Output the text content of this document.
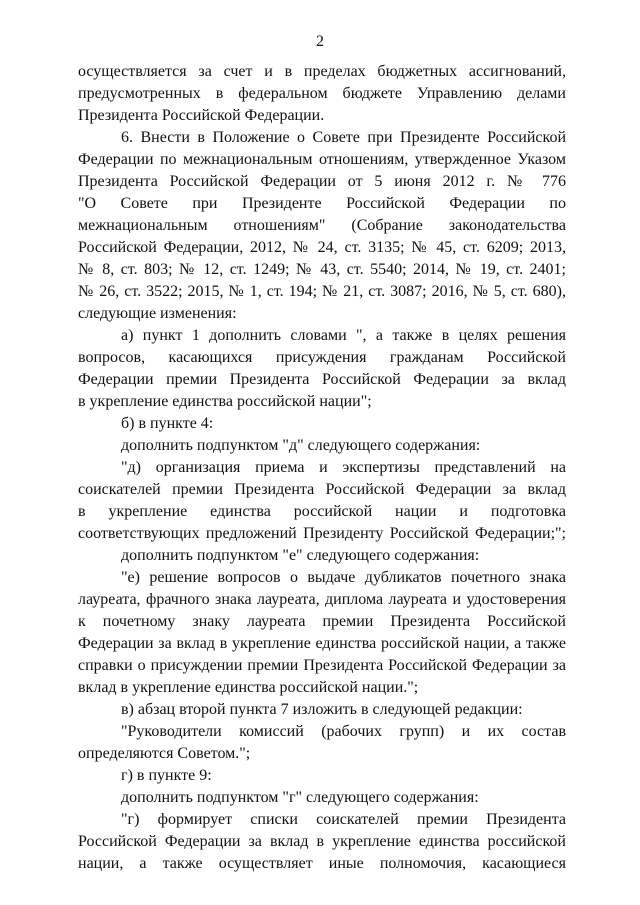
2
осуществляется за счет и в пределах бюджетных ассигнований,
предусмотренных в федеральном бюджете Управлению делами
Президента Российской Федерации.
6. Внести в Положение о Совете при Президенте Российской
Федерации по межнациональным отношениям, утвержденное Указом
Президента Российской Федерации от 5 июня 2012 г. № 776
"О Совете при Президенте Российской Федерации по
межнациональным отношениям" (Собрание законодательства
Российской Федерации, 2012, № 24, ст. 3135; № 45, ст. 6209; 2013,
№ 8, ст. 803; № 12, ст. 1249; № 43, ст. 5540; 2014, № 19, ст. 2401;
№ 26, ст. 3522; 2015, № 1, ст. 194; № 21, ст. 3087; 2016, № 5, ст. 680),
следующие изменения:
а) пункт 1 дополнить словами ", а также в целях решения
вопросов, касающихся присуждения гражданам Российской
Федерации премии Президента Российской Федерации за вклад
в укрепление единства российской нации";
б) в пункте 4:
дополнить подпунктом "д" следующего содержания:
"д) организация приема и экспертизы представлений на
соискателей премии Президента Российской Федерации за вклад
в укрепление единства российской нации и подготовка
соответствующих предложений Президенту Российской Федерации;";
дополнить подпунктом "е" следующего содержания:
"е) решение вопросов о выдаче дубликатов почетного знака
лауреата, фрачного знака лауреата, диплома лауреата и удостоверения
к почетному знаку лауреата премии Президента Российской
Федерации за вклад в укрепление единства российской нации, а также
справки о присуждении премии Президента Российской Федерации за
вклад в укрепление единства российской нации.";
в) абзац второй пункта 7 изложить в следующей редакции:
"Руководители комиссий (рабочих групп) и их состав
определяются Советом.";
г) в пункте 9:
дополнить подпунктом "г" следующего содержания:
"г) формирует списки соискателей премии Президента
Российской Федерации за вклад в укрепление единства российской
нации, а также осуществляет иные полномочия, касающиеся
